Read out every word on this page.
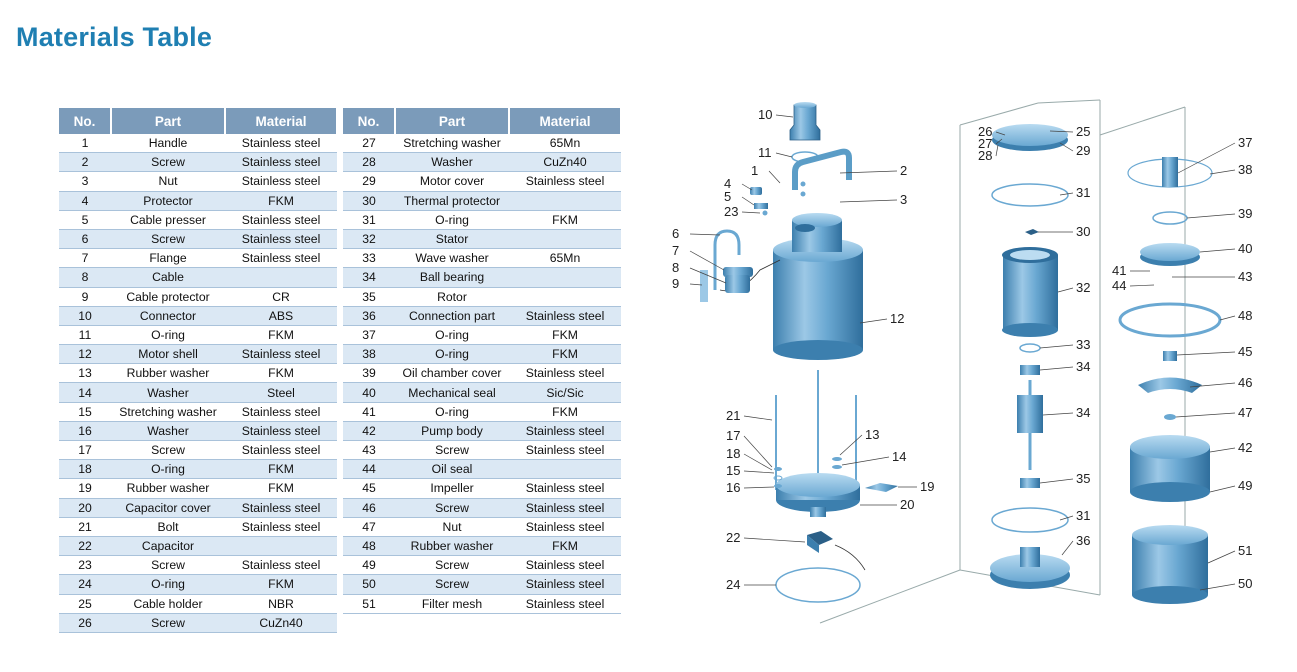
Materials Table
No.	Part	Material
1	Handle	Stainless steel
2	Screw	Stainless steel
3	Nut	Stainless steel
4	Protector	FKM
5	Cable presser	Stainless steel
6	Screw	Stainless steel
7	Flange	Stainless steel
8	Cable	
9	Cable protector	CR
10	Connector	ABS
11	O-ring	FKM
12	Motor shell	Stainless steel
13	Rubber washer	FKM
14	Washer	Steel
15	Stretching washer	Stainless steel
16	Washer	Stainless steel
17	Screw	Stainless steel
18	O-ring	FKM
19	Rubber washer	FKM
20	Capacitor cover	Stainless steel
21	Bolt	Stainless steel
22	Capacitor	
23	Screw	Stainless steel
24	O-ring	FKM
25	Cable holder	NBR
26	Screw	CuZn40
No.	Part	Material
27	Stretching washer	65Mn
28	Washer	CuZn40
29	Motor cover	Stainless steel
30	Thermal protector	
31	O-ring	FKM
32	Stator	
33	Wave washer	65Mn
34	Ball bearing	
35	Rotor	
36	Connection part	Stainless steel
37	O-ring	FKM
38	O-ring	FKM
39	Oil chamber cover	Stainless steel
40	Mechanical seal	Sic/Sic
41	O-ring	FKM
42	Pump body	Stainless steel
43	Screw	Stainless steel
44	Oil seal	
45	Impeller	Stainless steel
46	Screw	Stainless steel
47	Nut	Stainless steel
48	Rubber washer	FKM
49	Screw	Stainless steel
50	Screw	Stainless steel
51	Filter mesh	Stainless steel
1	2
3
4
5
6
7
8
9
10
11
12
13
14
15
16
17
18
19
20
21
22
23
24
25
26
27
28	29
30
31
32
33
34
34
35
31
36
37
38
39
40
41
42
43
44
45
46
47
48
49
50
51
